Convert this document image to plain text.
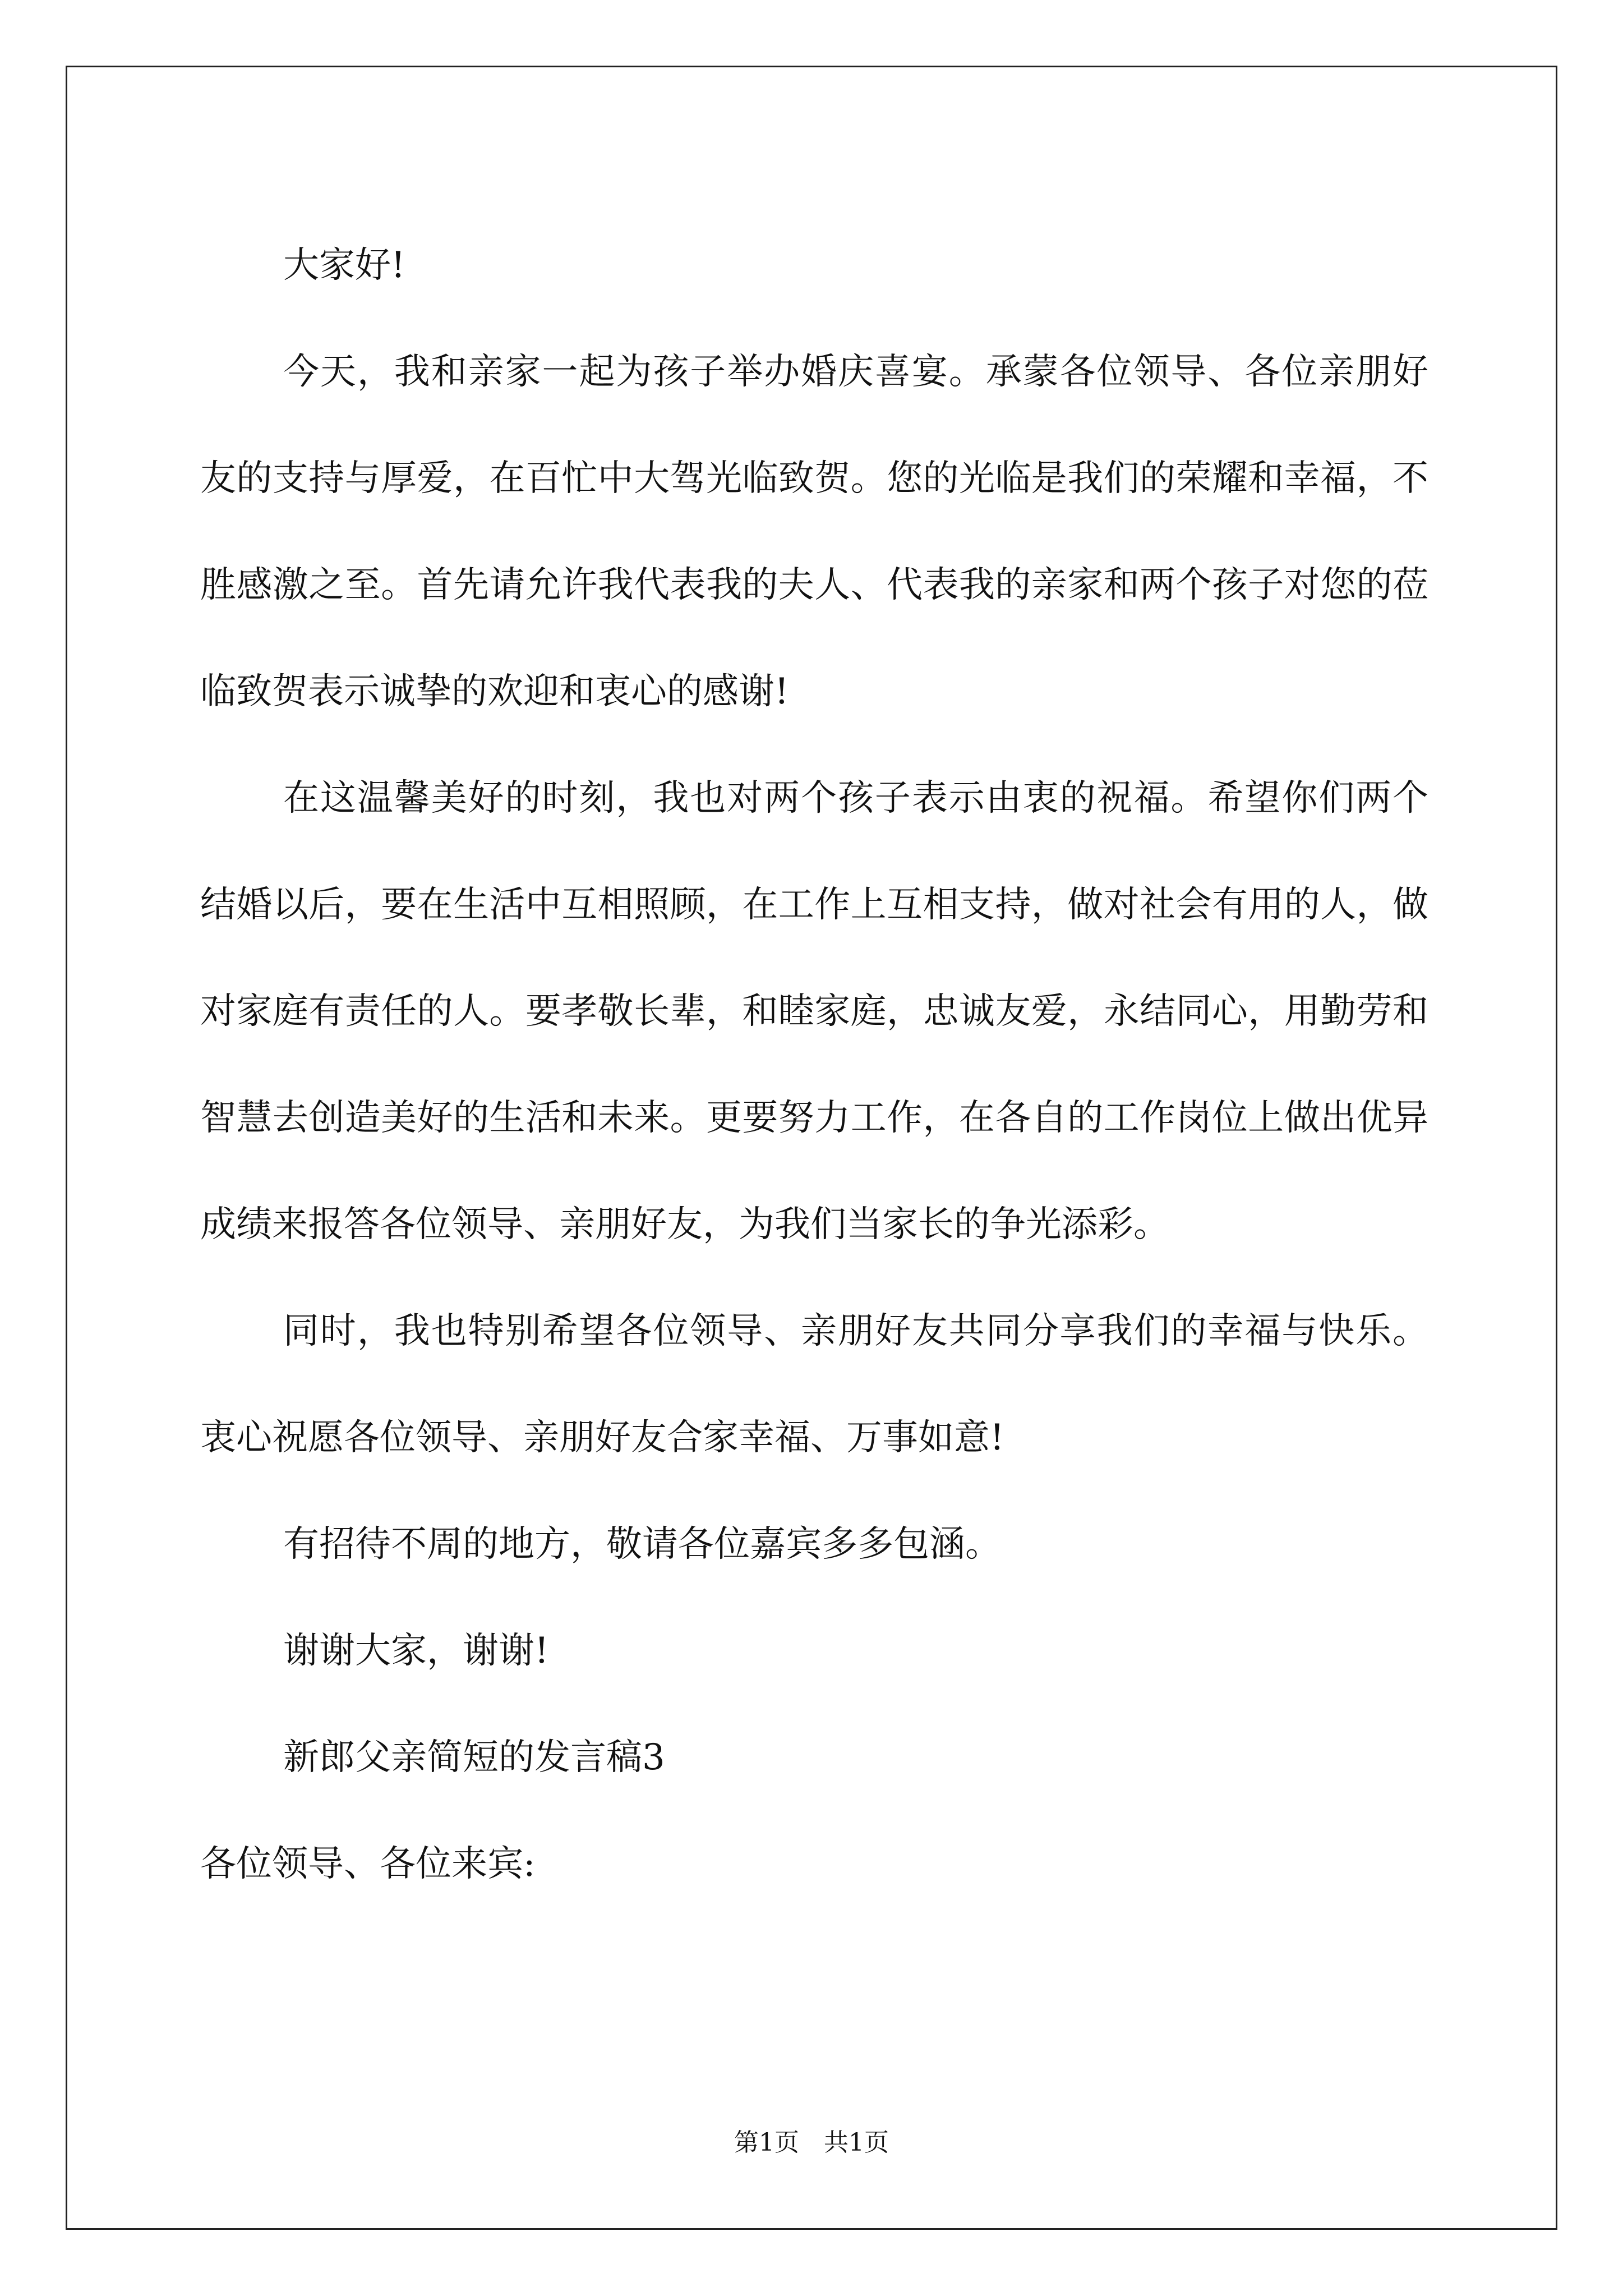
大家好!

今天，我和亲家一起为孩子举办婚庆喜宴。承蒙各位领导、各位亲朋好友的支持与厚爱，在百忙中大驾光临致贺。您的光临是我们的荣耀和幸福，不胜感激之至。首先请允许我代表我的夫人、代表我的亲家和两个孩子对您的莅临致贺表示诚挚的欢迎和衷心的感谢!

在这温馨美好的时刻，我也对两个孩子表示由衷的祝福。希望你们两个结婚以后，要在生活中互相照顾，在工作上互相支持，做对社会有用的人，做对家庭有责任的人。要孝敬长辈，和睦家庭，忠诚友爱，永结同心，用勤劳和智慧去创造美好的生活和未来。更要努力工作，在各自的工作岗位上做出优异成绩来报答各位领导、亲朋好友，为我们当家长的争光添彩。

同时，我也特别希望各位领导、亲朋好友共同分享我们的幸福与快乐。衷心祝愿各位领导、亲朋好友合家幸福、万事如意!

有招待不周的地方，敬请各位嘉宾多多包涵。

谢谢大家，谢谢!

新郎父亲简短的发言稿3

各位领导、各位来宾:

第1页　共1页
